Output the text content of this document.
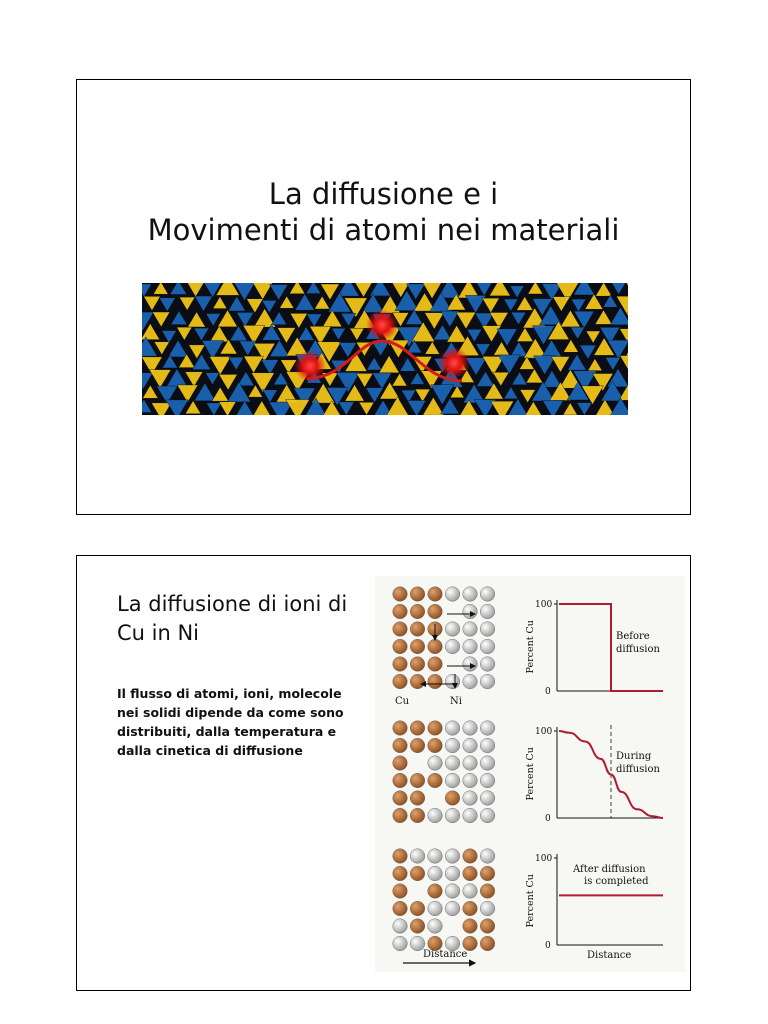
La diffusione e i
Movimenti di atomi nei materiali
La diffusione di ioni di
Cu in Ni
Il flusso di atomi, ioni, molecole nei solidi dipende da come sono distribuiti, dalla temperatura e dalla cinetica di diffusione
Cu	Ni
Distance
100
0
Percent Cu
100
0
Percent Cu
100
0
Percent Cu
Before
diffusion
During
diffusion
After diffusion
is completed
Distance
